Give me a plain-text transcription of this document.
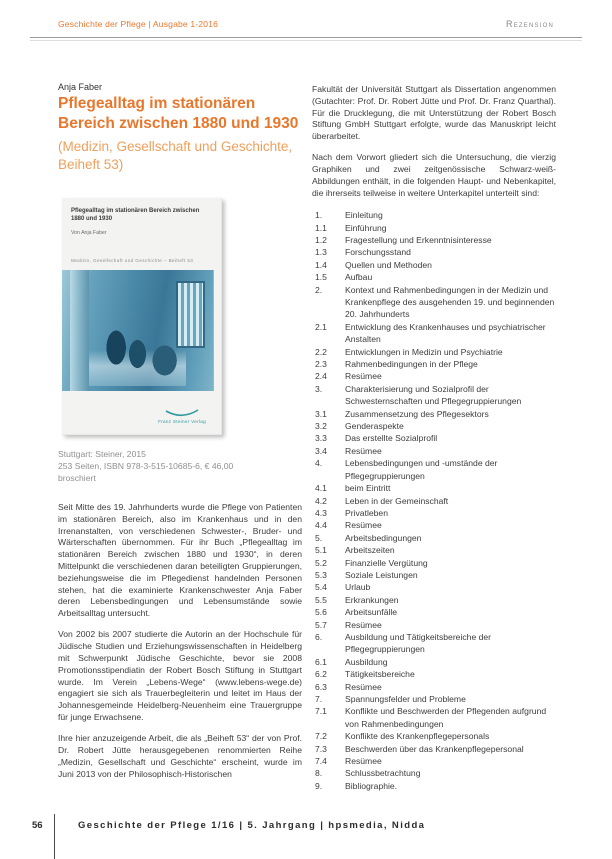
Geschichte der Pflege | Ausgabe 1-2016	Rezension
Anja Faber
Pflegealltag im stationären Bereich zwischen 1880 und 1930
(Medizin, Gesellschaft und Geschichte, Beiheft 53)
Pflegealltag im stationären Bereich zwischen 1880 und 1930
Von Anja Faber
Medizin, Gesellschaft und Geschichte – Beiheft 53
Franz Steiner Verlag

Stuttgart: Steiner, 2015

253 Seiten, ISBN 978-3-515-10685-6, € 46,00

broschiert

Seit Mitte des 19. Jahrhunderts wurde die Pflege von Patienten im stationären Bereich, also im Krankenhaus und in den Irrenanstalten, von verschiedenen Schwester-, Bruder- und Wärterschaften übernommen. Für ihr Buch „Pflegealltag im stationären Bereich zwischen 1880 und 1930“, in deren Mittelpunkt die verschiedenen daran beteiligten Gruppierungen, beziehungsweise die im Pflegedienst handelnden Personen stehen, hat die examinierte Krankenschwester Anja Faber deren Lebensbedingungen und Lebensumstände sowie Arbeitsalltag untersucht.

Von 2002 bis 2007 studierte die Autorin an der Hochschule für Jüdische Studien und Erziehungswissenschaften in Heidelberg mit Schwerpunkt Jüdische Geschichte, bevor sie 2008 Promotionsstipendiatin der Robert Bosch Stiftung in Stuttgart wurde. Im Verein „Lebens-Wege“ (www.lebens-wege.de) engagiert sie sich als Trauerbegleiterin und leitet im Haus der Johannesgemeinde Heidelberg-Neuenheim eine Trauergruppe für junge Erwachsene.

Ihre hier anzuzeigende Arbeit, die als „Beiheft 53“ der von Prof. Dr. Robert Jütte herausgegebenen renommierten Reihe „Medizin, Gesellschaft und Geschichte“ erscheint, wurde im Juni 2013 von der Philosophisch-Historischen

Fakultät der Universität Stuttgart als Dissertation angenommen (Gutachter: Prof. Dr. Robert Jütte und Prof. Dr. Franz Quarthal). Für die Drucklegung, die mit Unterstützung der Robert Bosch Stiftung GmbH Stuttgart erfolgte, wurde das Manuskript leicht überarbeitet.

Nach dem Vorwort gliedert sich die Untersuchung, die vierzig Graphiken und zwei zeitgenössische Schwarz-weiß-Abbildungen enthält, in die folgenden Haupt- und Nebenkapitel, die ihrerseits teilweise in weitere Unterkapitel unterteilt sind:

1.	Einleitung
1.1	Einführung
1.2	Fragestellung und Erkenntnisinteresse
1.3	Forschungsstand
1.4	Quellen und Methoden
1.5	Aufbau
2.	Kontext und Rahmenbedingungen in der Medizin und Krankenpflege des ausgehenden 19. und beginnenden 20. Jahrhunderts
2.1	Entwicklung des Krankenhauses und psychiatrischer Anstalten
2.2	Entwicklungen in Medizin und Psychiatrie
2.3	Rahmenbedingungen in der Pflege
2.4	Resümee
3.	Charakterisierung und Sozialprofil der Schwesternschaften und Pflegegruppierungen
3.1	Zusammensetzung des Pflegesektors
3.2	Genderaspekte
3.3	Das erstellte Sozialprofil
3.4	Resümee
4.	Lebensbedingungen und -umstände der Pflegegruppierungen
4.1	beim Eintritt
4.2	Leben in der Gemeinschaft
4.3	Privatleben
4.4	Resümee
5.	Arbeitsbedingungen
5.1	Arbeitszeiten
5.2	Finanzielle Vergütung
5.3	Soziale Leistungen
5.4	Urlaub
5.5	Erkrankungen
5.6	Arbeitsunfälle
5.7	Resümee
6.	Ausbildung und Tätigkeitsbereiche der Pflegegruppierungen
6.1	Ausbildung
6.2	Tätigkeitsbereiche
6.3	Resümee
7.	Spannungsfelder und Probleme
7.1	Konflikte und Beschwerden der Pflegenden aufgrund von Rahmenbedingungen
7.2	Konflikte des Krankenpflegepersonals
7.3	Beschwerden über das Krankenpflegepersonal
7.4	Resümee
8.	Schlussbetrachtung
9.	Bibliographie.
56	Geschichte der Pflege 1/16 | 5. Jahrgang | hpsmedia, Nidda
